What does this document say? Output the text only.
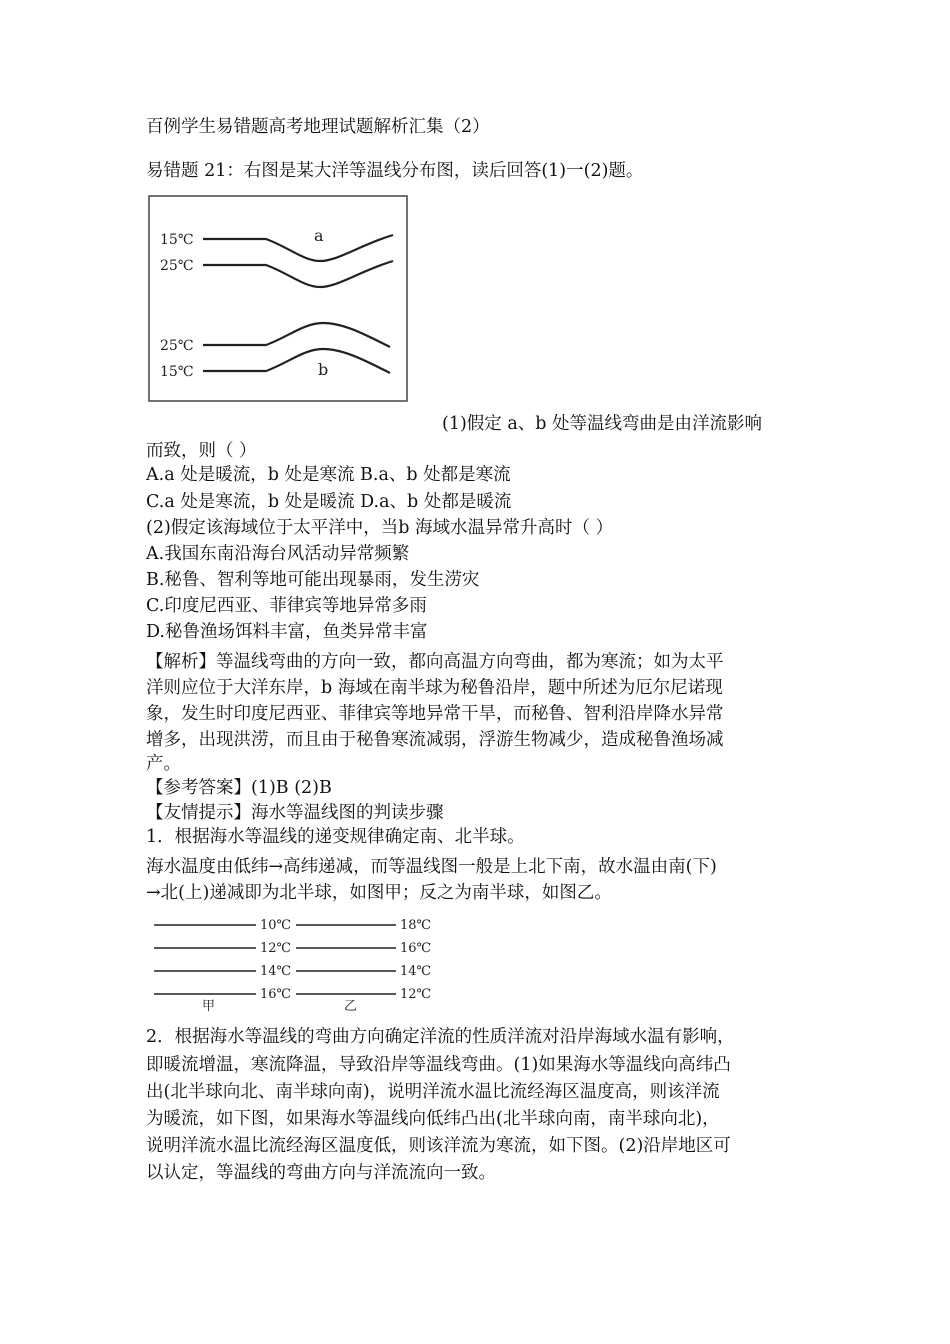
百例学生易错题高考地理试题解析汇集（2）
易错题 21：右图是某大洋等温线分布图，读后回答(1)一(2)题。
15℃
25℃
25℃
15℃
a
b
(1)假定 a、b 处等温线弯曲是由洋流影响
而致，则（ ）
A.a 处是暖流，b 处是寒流 B.a、b 处都是寒流
C.a 处是寒流，b 处是暖流 D.a、b 处都是暖流
(2)假定该海域位于太平洋中，当b 海域水温异常升高时（ ）
A.我国东南沿海台风活动异常频繁
B.秘鲁、智利等地可能出现暴雨，发生涝灾
C.印度尼西亚、菲律宾等地异常多雨
D.秘鲁渔场饵料丰富，鱼类异常丰富
【解析】等温线弯曲的方向一致，都向高温方向弯曲，都为寒流；如为太平
洋则应位于大洋东岸，b 海域在南半球为秘鲁沿岸，题中所述为厄尔尼诺现
象，发生时印度尼西亚、菲律宾等地异常干旱，而秘鲁、智利沿岸降水异常
增多，出现洪涝，而且由于秘鲁寒流减弱，浮游生物减少，造成秘鲁渔场减
产。
【参考答案】(1)B (2)B
【友情提示】海水等温线图的判读步骤
1．根据海水等温线的递变规律确定南、北半球。
海水温度由低纬→高纬递减，而等温线图一般是上北下南，故水温由南(下)
→北(上)递减即为北半球，如图甲；反之为南半球，如图乙。
10℃
12℃
14℃
16℃
18℃
16℃
14℃
12℃
甲	乙
2．根据海水等温线的弯曲方向确定洋流的性质洋流对沿岸海域水温有影响，
即暖流增温，寒流降温，导致沿岸等温线弯曲。(1)如果海水等温线向高纬凸
出(北半球向北、南半球向南)，说明洋流水温比流经海区温度高，则该洋流
为暖流，如下图，如果海水等温线向低纬凸出(北半球向南，南半球向北)，
说明洋流水温比流经海区温度低，则该洋流为寒流，如下图。(2)沿岸地区可
以认定，等温线的弯曲方向与洋流流向一致。
